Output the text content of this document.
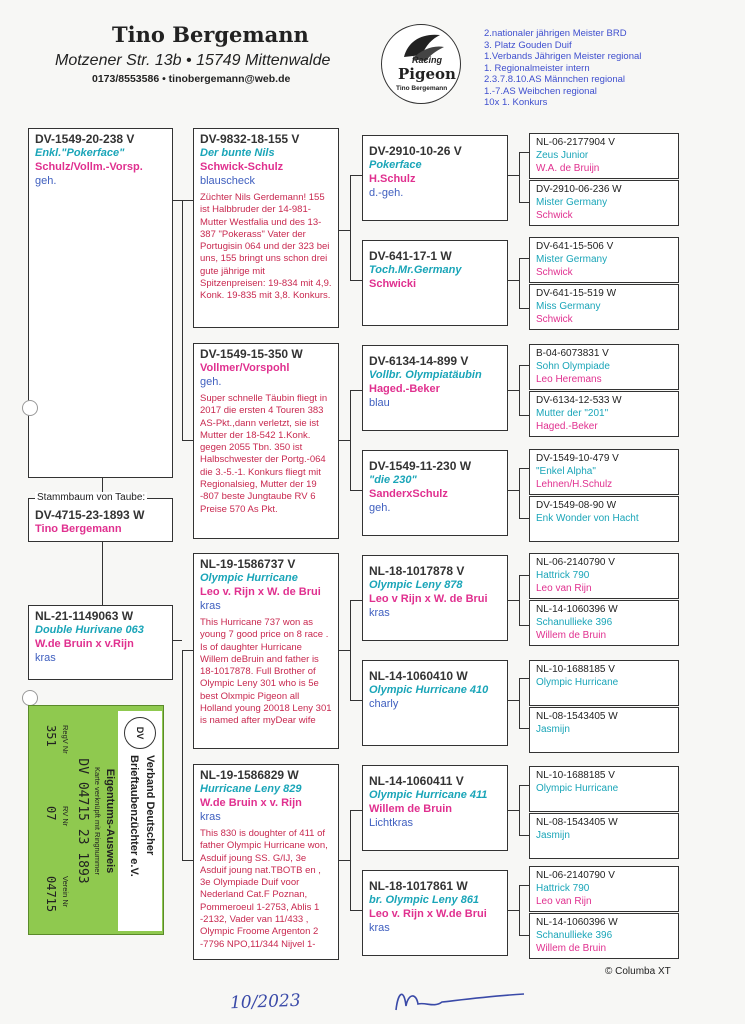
Tino Bergemann
Motzener Str. 13b • 15749 Mittenwalde
0173/8553586 • tinobergemann@web.de
Racing
Pigeon
Tino Bergemann
2.nationaler jährigen Meister BRD
3. Platz Gouden Duif
1.Verbands Jährigen Meister regional
1. Regionalmeister intern
2.3.7.8.10.AS Männchen regional
1.-7.AS Weibchen regional
10x 1. Konkurs
DV-1549-20-238 V
Enkl."Pokerface"
Schulz/Vollm.-Vorsp.
geh.
Stammbaum von Taube:
DV-4715-23-1893 W
Tino Bergemann
NL-21-1149063 W
Double Hurivane 063
W.de Bruin x v.Rijn
kras
DV
Verband Deutscher
Brieftaubenzüchter e.V.
Eigentums-Ausweis
Karte verknüpft mit Ringnummer
DV 04715 23 1893
RegV Nr
351
RV Nr
07
Verein Nr
04715
DV-9832-18-155 V
Der bunte Nils
Schwick-Schulz
blauscheck
Züchter Nils Gerdemann! 155 ist Halbbruder der 14-981- Mutter Westfalia und des 13-387 "Pokerass" Vater der Portugisin 064 und der 323 bei uns, 155 bringt uns schon drei gute jährige mit Spitzenpreisen: 19-834 mit 4,9. Konk. 19-835 mit 3,8. Konkurs.
DV-1549-15-350 W
Vollmer/Vorspohl
geh.
Super schnelle Täubin fliegt in 2017 die ersten 4 Touren 383 AS-Pkt.,dann verletzt, sie ist Mutter der 18-542 1.Konk. gegen 2055 Tbn. 350 ist Halbschwester der Portg.-064 die 3.-5.-1. Konkurs fliegt mit Regionalsieg, Mutter der 19 -807 beste Jungtaube RV 6 Preise 570 As Pkt.
NL-19-1586737 V
Olympic Hurricane
Leo v. Rijn x W. de Brui
kras
This Hurricane 737 won as young 7 good price on 8 race . Is of daughter Hurricane Willem deBruin and father is 18-1017878. Full Brother of Olympic Leny 301 who is 5e best Olxmpic Pigeon all Holland young 20018 Leny 301 is named after myDear wife
NL-19-1586829 W
Hurricane Leny 829
W.de Bruin x v. Rijn
kras
This 830 is doughter of 411 of father Olympic Hurricane won, Asduif joung SS. G/IJ, 3e Asduif joung nat.TBOTB en , 3e Olympiade Duif voor Nederland Cat.F Poznan, Pommeroeul 1-2753, Ablis 1 -2132, Vader van 11/433 , Olympic Froome Argenton 2 -7796 NPO,11/344 Nijvel 1-
DV-2910-10-26 V
Pokerface
H.Schulz
d.-geh.
DV-641-17-1 W
Toch.Mr.Germany
Schwicki
DV-6134-14-899 V
Vollbr. Olympiatäubin
Haged.-Beker
blau
DV-1549-11-230 W
"die 230"
SanderxSchulz
geh.
NL-18-1017878 V
Olympic Leny 878
Leo v Rijn x W. de Brui
kras
NL-14-1060410 W
Olympic Hurricane 410
charly
NL-14-1060411 V
Olympic Hurricane 411
Willem de Bruin
Lichtkras
NL-18-1017861 W
br. Olympic Leny 861
Leo v. Rijn x W.de Brui
kras
NL-06-2177904 V
Zeus Junior
W.A. de Bruijn
DV-2910-06-236 W
Mister Germany
Schwick
DV-641-15-506 V
Mister Germany
Schwick
DV-641-15-519 W
Miss Germany
Schwick
B-04-6073831 V
Sohn Olympiade
Leo Heremans
DV-6134-12-533 W
Mutter der "201"
Haged.-Beker
DV-1549-10-479 V
"Enkel Alpha"
Lehnen/H.Schulz
DV-1549-08-90 W
Enk Wonder von Hacht
NL-06-2140790 V
Hattrick 790
Leo van Rijn
NL-14-1060396 W
Schanullieke 396
Willem de Bruin
NL-10-1688185 V
Olympic Hurricane
NL-08-1543405 W
Jasmijn
NL-10-1688185 V
Olympic Hurricane
NL-08-1543405 W
Jasmijn
NL-06-2140790 V
Hattrick 790
Leo van Rijn
NL-14-1060396 W
Schanullieke 396
Willem de Bruin
© Columba XT
10/2023
